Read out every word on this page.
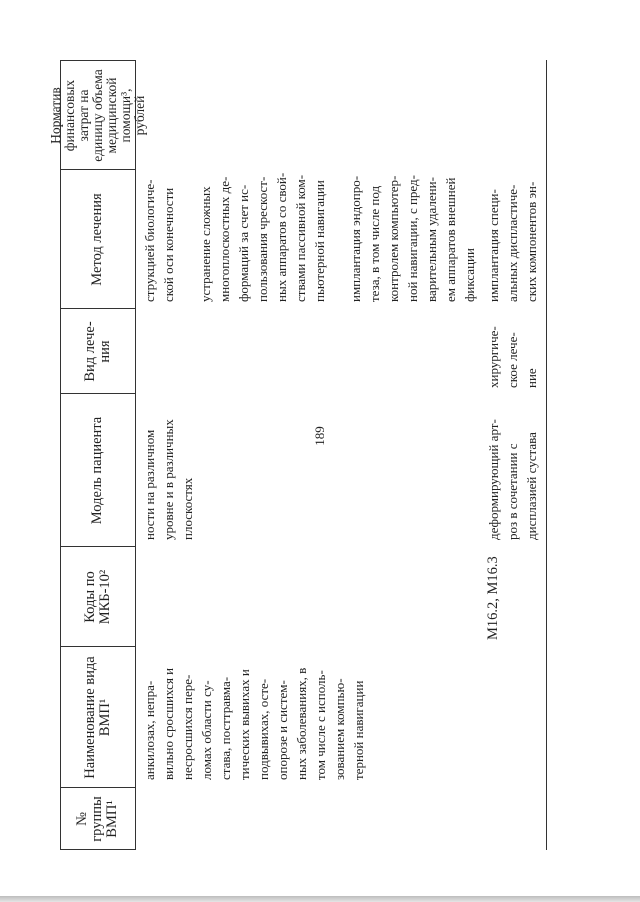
189
№ группы ВМП¹
Наименование вида ВМП¹
Коды по МКБ-10²
Модель пациента
Вид лече- ния
Метод лечения
Норматив финансовых затрат на единицу объема медицинской помощи³, рублей
анкилозах, непра- вильно сросшихся и несросшихся пере- ломах области су- става, посттравма- тических вывихах и подвывихах, осте- опорозе и систем- ных заболеваниях, в том числе с исполь- зованием компью- терной навигации
ности на различном уровне и в различных плоскостях
струкцией биологиче- ской оси конечности устранение сложных многоплоскостных де- формаций за счет ис- пользования чрескост- ных аппаратов со свой- ствами пассивной ком- пьютерной навигации имплантация эндопро- теза, в том числе под контролем компьютер- ной навигации, с пред- варительным удалени- ем аппаратов внешней фиксации
M16.2, M16.3
деформирующий арт- роз в сочетании с дисплазией сустава
хирургиче- ское лече- ние
имплантация специ- альных диспластиче- ских компонентов эн-
